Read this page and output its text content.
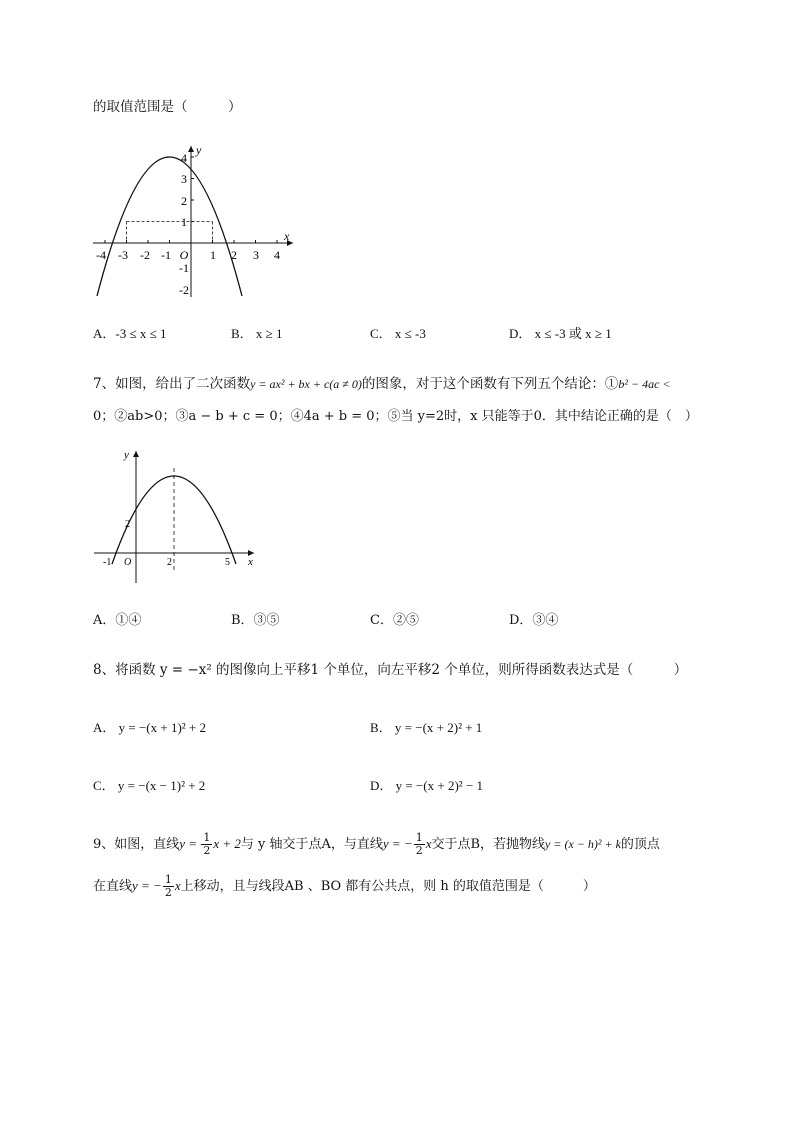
的取值范围是（　　　）
x
y
-4 -3 -2 -1 O 1 2 3 4
4
3
2
1
-1
-2
A．-3 ≤ x ≤ 1	B． x ≥ 1	C． x ≤ -3	D． x ≤ -3 或 x ≥ 1
7、如图，给出了二次函数y = ax² + bx + c(a ≠ 0)的图象，对于这个函数有下列五个结论：①b² − 4ac <
0；②ab>0；③a − b + c = 0；④4a + b = 0；⑤当 y=2时，x 只能等于0．其中结论正确的是（　）
x
y
-1 O
2
2	5
A．①④	B．③⑤	C．②⑤	D．③④
8、将函数 y = −x² 的图像向上平移1 个单位，向左平移2 个单位，则所得函数表达式是（　　　）
A． y = −(x + 1)² + 2	B． y = −(x + 2)² + 1
C． y = −(x − 1)² + 2	D． y = −(x + 2)² − 1
9、如图，直线$y = \frac{1}{2}$ x + 2与 y 轴交于点A，与直线y = − $\frac{1}{2}$ x交于点B，若抛物线y = (x − h)² + k的顶点
在直线y = − $\frac{1}{2}$ x上移动，且与线段AB 、BO 都有公共点，则 h 的取值范围是（　　　）
